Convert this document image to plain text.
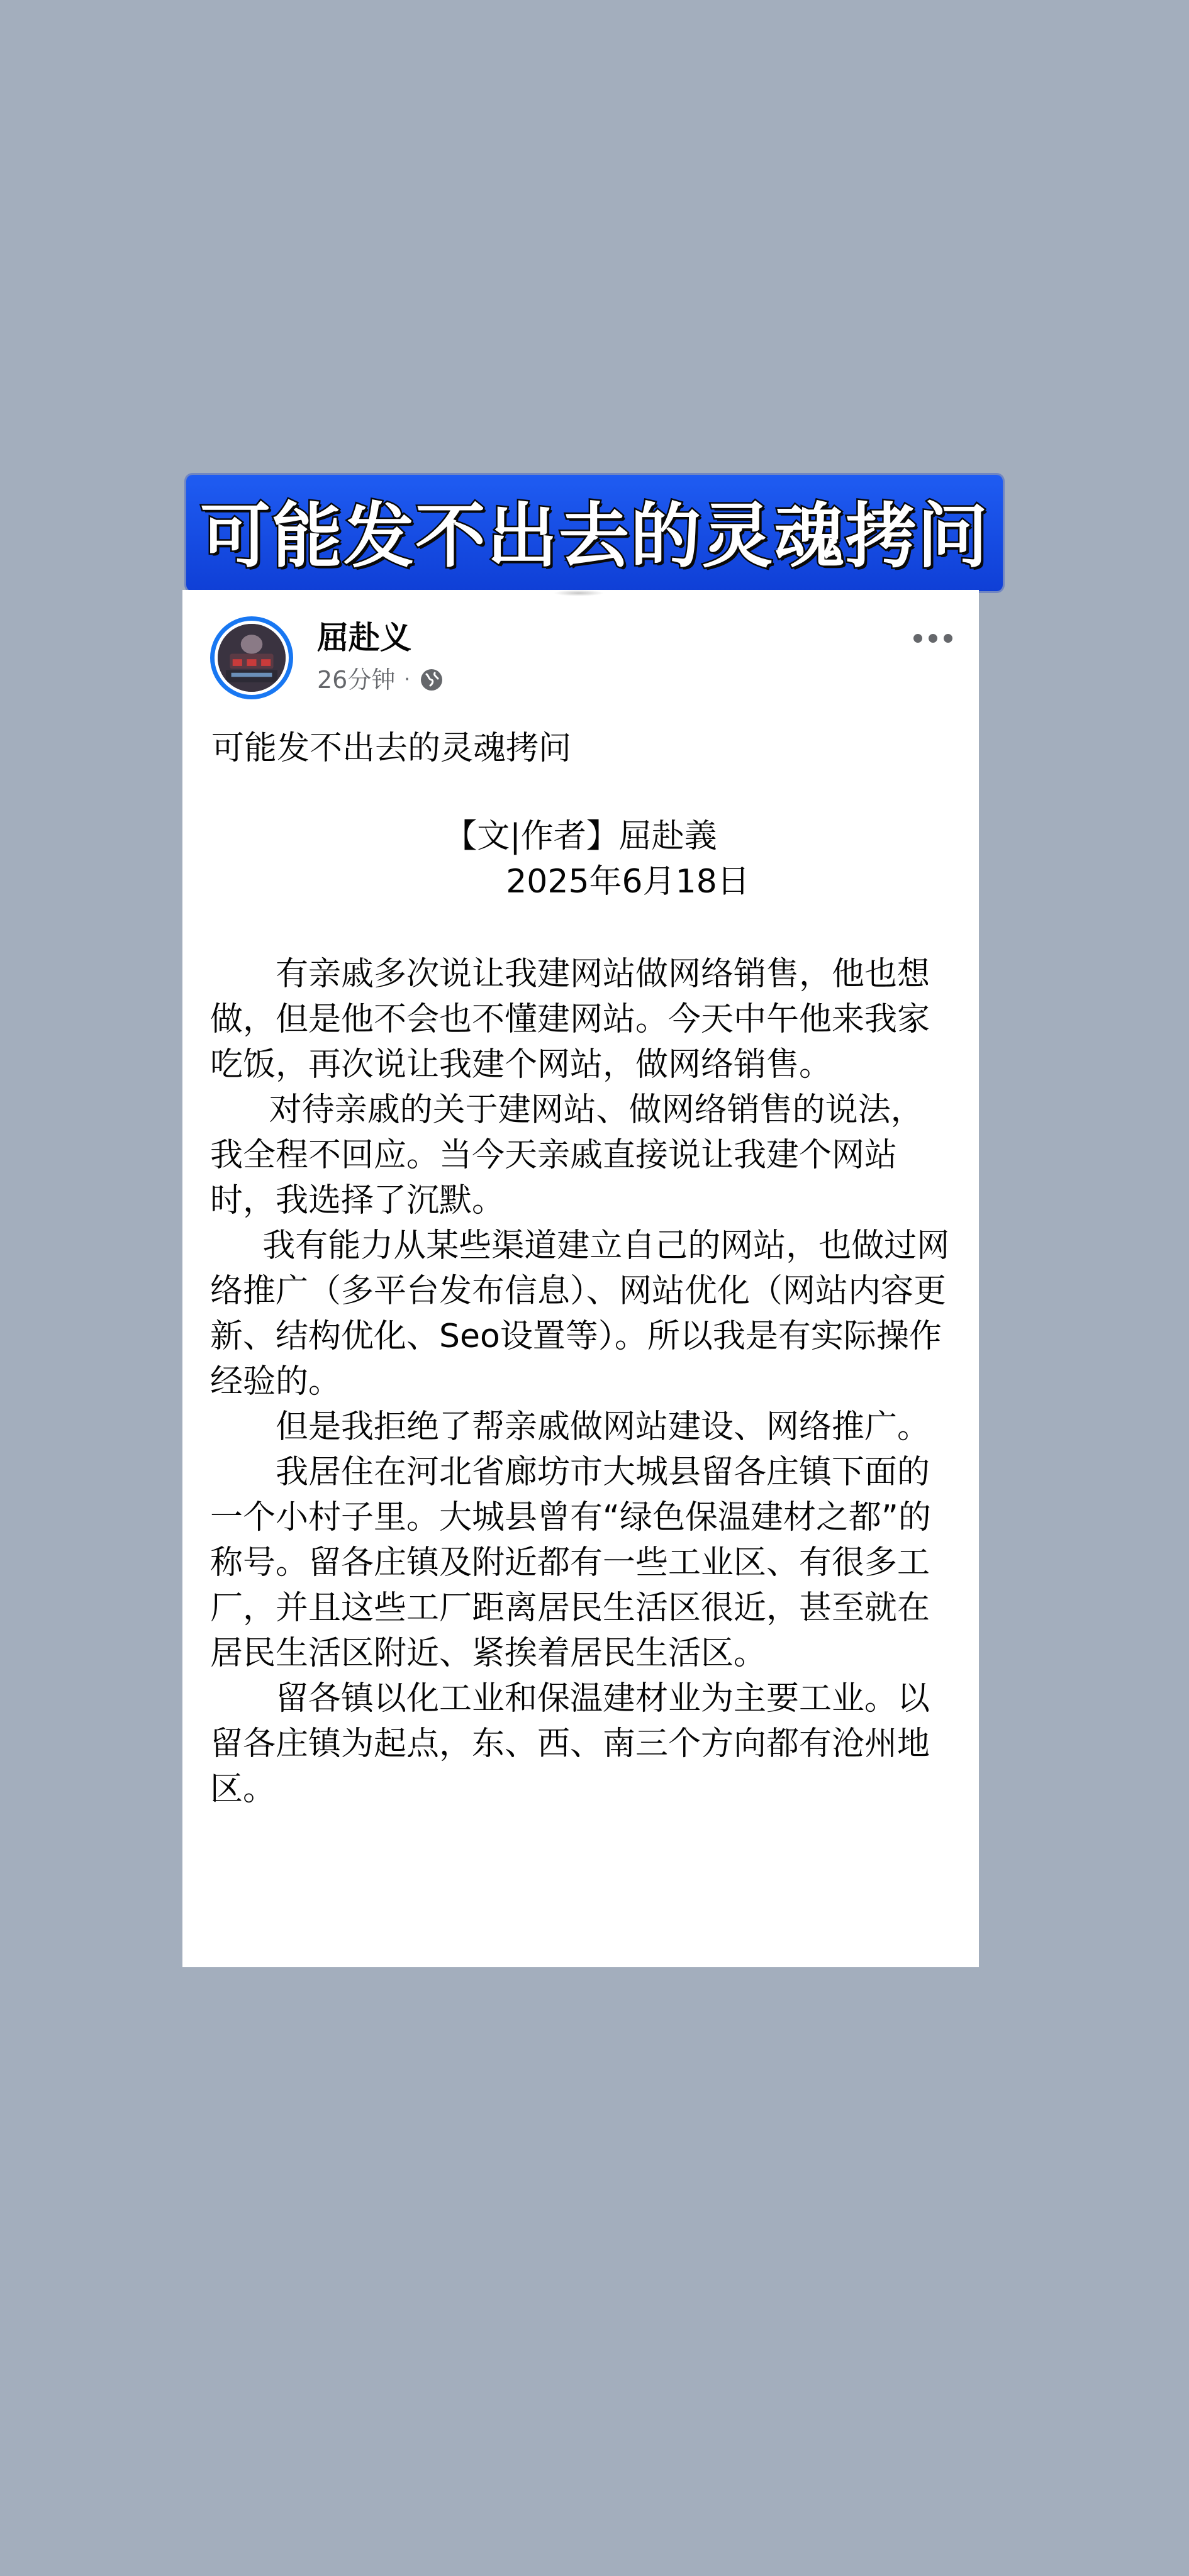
可能发不出去的灵魂拷问
屈赴义
26分钟 ·
可能发不出去的灵魂拷问
【文|作者】屈赴義
2025年6月18日

有亲戚多次说让我建网站做网络销售，他也想做，但是他不会也不懂建网站。今天中午他来我家吃饭，再次说让我建个网站，做网络销售。

对待亲戚的关于建网站、做网络销售的说法，我全程不回应。当今天亲戚直接说让我建个网站时，我选择了沉默。

我有能力从某些渠道建立自己的网站，也做过网络推广（多平台发布信息）、网站优化（网站内容更新、结构优化、Seo设置等）。所以我是有实际操作经验的。

但是我拒绝了帮亲戚做网站建设、网络推广。

我居住在河北省廊坊市大城县留各庄镇下面的一个小村子里。大城县曾有“绿色保温建材之都”的称号。留各庄镇及附近都有一些工业区、有很多工厂，并且这些工厂距离居民生活区很近，甚至就在居民生活区附近、紧挨着居民生活区。

留各镇以化工业和保温建材业为主要工业。以留各庄镇为起点，东、西、南三个方向都有沧州地区。
